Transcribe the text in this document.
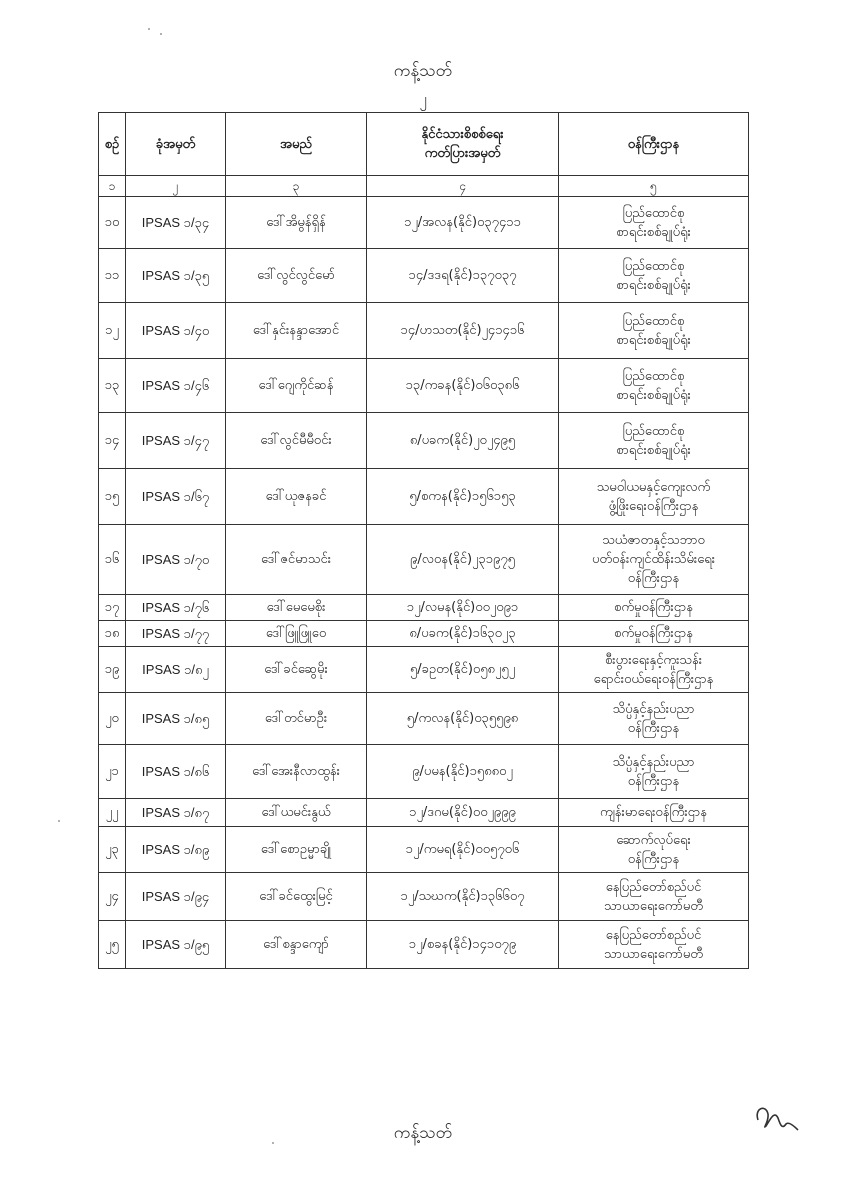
ကန့်သတ်
၂
စဉ်	ခုံအမှတ်	အမည်	နိုင်ငံသားစိစစ်ရေး
ကတ်ပြားအမှတ်	ဝန်ကြီးဌာန
၁	၂	၃	၄	၅
၁၀	IPSAS ၁/၃၄	ဒေါ်အိမွန်ရှိန်	၁၂/အလန(နိုင်)၀၃၇၄၁၁	ပြည်ထောင်စု
စာရင်းစစ်ချုပ်ရုံး
၁၁	IPSAS ၁/၃၅	ဒေါ်လွင်လွင်မော်	၁၄/ဒဒရ(နိုင်)၁၃၇၀၃၇	ပြည်ထောင်စု
စာရင်းစစ်ချုပ်ရုံး
၁၂	IPSAS ၁/၄၀	ဒေါ်နှင်းနန္ဒာအောင်	၁၄/ဟသတ(နိုင်)၂၄၁၄၁၆	ပြည်ထောင်စု
စာရင်းစစ်ချုပ်ရုံး
၁၃	IPSAS ၁/၄၆	ဒေါ်ဂျေကိုင်ဆန်	၁၃/ကခန(နိုင်)၀၆၀၃၈၆	ပြည်ထောင်စု
စာရင်းစစ်ချုပ်ရုံး
၁၄	IPSAS ၁/၄၇	ဒေါ်လွင်မီမီဝင်း	၈/ပခက(နိုင်)၂၀၂၄၉၅	ပြည်ထောင်စု
စာရင်းစစ်ချုပ်ရုံး
၁၅	IPSAS ၁/၆၇	ဒေါ်ယုဇနခင်	၅/စကန(နိုင်)၁၅၆၁၅၃	သမဝါယမနှင့်ကျေးလက်
ဖွံ့ဖြိုးရေးဝန်ကြီးဌာန
၁၆	IPSAS ၁/၇၀	ဒေါ်ဇင်မာသင်း	၉/လဝန(နိုင်)၂၃၁၉၇၅	သယံဇာတနှင့်သဘာဝ
ပတ်ဝန်းကျင်ထိန်းသိမ်းရေး
ဝန်ကြီးဌာန
၁၇	IPSAS ၁/၇၆	ဒေါ်မေမေစိုး	၁၂/လမန(နိုင်)၀၀၂၀၉၁	စက်မှုဝန်ကြီးဌာန
၁၈	IPSAS ၁/၇၇	ဒေါ်ဖြူဖြူဝေ	၈/ပခက(နိုင်)၁၆၃၀၂၃	စက်မှုဝန်ကြီးဌာန
၁၉	IPSAS ၁/၈၂	ဒေါ်ခင်ဆွေမိုး	၅/ခဥတ(နိုင်)၀၅၈၂၅၂	စီးပွားရေးနှင့်ကူးသန်း
ရောင်းဝယ်ရေးဝန်ကြီးဌာန
၂၀	IPSAS ၁/၈၅	ဒေါ်တင်မာဦး	၅/ကလန(နိုင်)၀၃၅၅၉၈	သိပ္ပံနှင့်နည်းပညာ
ဝန်ကြီးဌာန
၂၁	IPSAS ၁/၈၆	ဒေါ်အေးနီလာထွန်း	၉/ပမန(နိုင်)၁၅၈၈၀၂	သိပ္ပံနှင့်နည်းပညာ
ဝန်ကြီးဌာန
၂၂	IPSAS ၁/၈၇	ဒေါ်ယမင်းနွယ်	၁၂/ဒဂမ(နိုင်)၀၀၂၉၉၉	ကျန်းမာရေးဝန်ကြီးဌာန
၂၃	IPSAS ၁/၈၉	ဒေါ်စောဥမ္မာချို	၁၂/ကမရ(နိုင်)၀၀၅၇၀၆	ဆောက်လုပ်ရေး
ဝန်ကြီးဌာန
၂၄	IPSAS ၁/၉၄	ဒေါ်ခင်ထွေးမြင့်	၁၂/သဃက(နိုင်)၁၃၆၆၀၇	နေပြည်တော်စည်ပင်
သာယာရေးကော်မတီ
၂၅	IPSAS ၁/၉၅	ဒေါ်စန္ဒာကျော်	၁၂/စခန(နိုင်)၁၄၁၀၇၉	နေပြည်တော်စည်ပင်
သာယာရေးကော်မတီ
ကန့်သတ်
